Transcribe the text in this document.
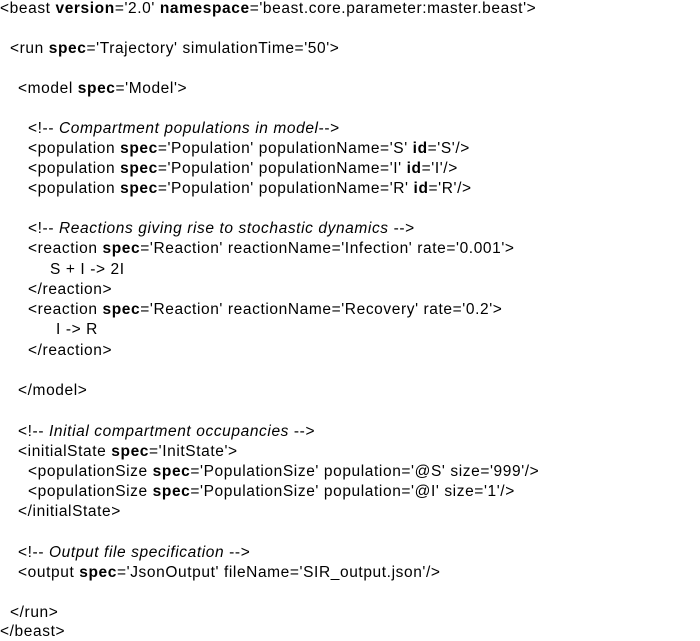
<beast version='2.0' namespace='beast.core.parameter:master.beast'>
<run spec='Trajectory' simulationTime='50'>
<model spec='Model'>
<!-- Compartment populations in model-->
<population spec='Population' populationName='S' id='S'/>
<population spec='Population' populationName='I' id='I'/>
<population spec='Population' populationName='R' id='R'/>
<!-- Reactions giving rise to stochastic dynamics -->
<reaction spec='Reaction' reactionName='Infection' rate='0.001'>
S + I -> 2I
</reaction>
<reaction spec='Reaction' reactionName='Recovery' rate='0.2'>
I -> R
</reaction>
</model>
<!-- Initial compartment occupancies -->
<initialState spec='InitState'>
<populationSize spec='PopulationSize' population='@S' size='999'/>
<populationSize spec='PopulationSize' population='@I' size='1'/>
</initialState>
<!-- Output file specification -->
<output spec='JsonOutput' fileName='SIR_output.json'/>
</run>
</beast>
